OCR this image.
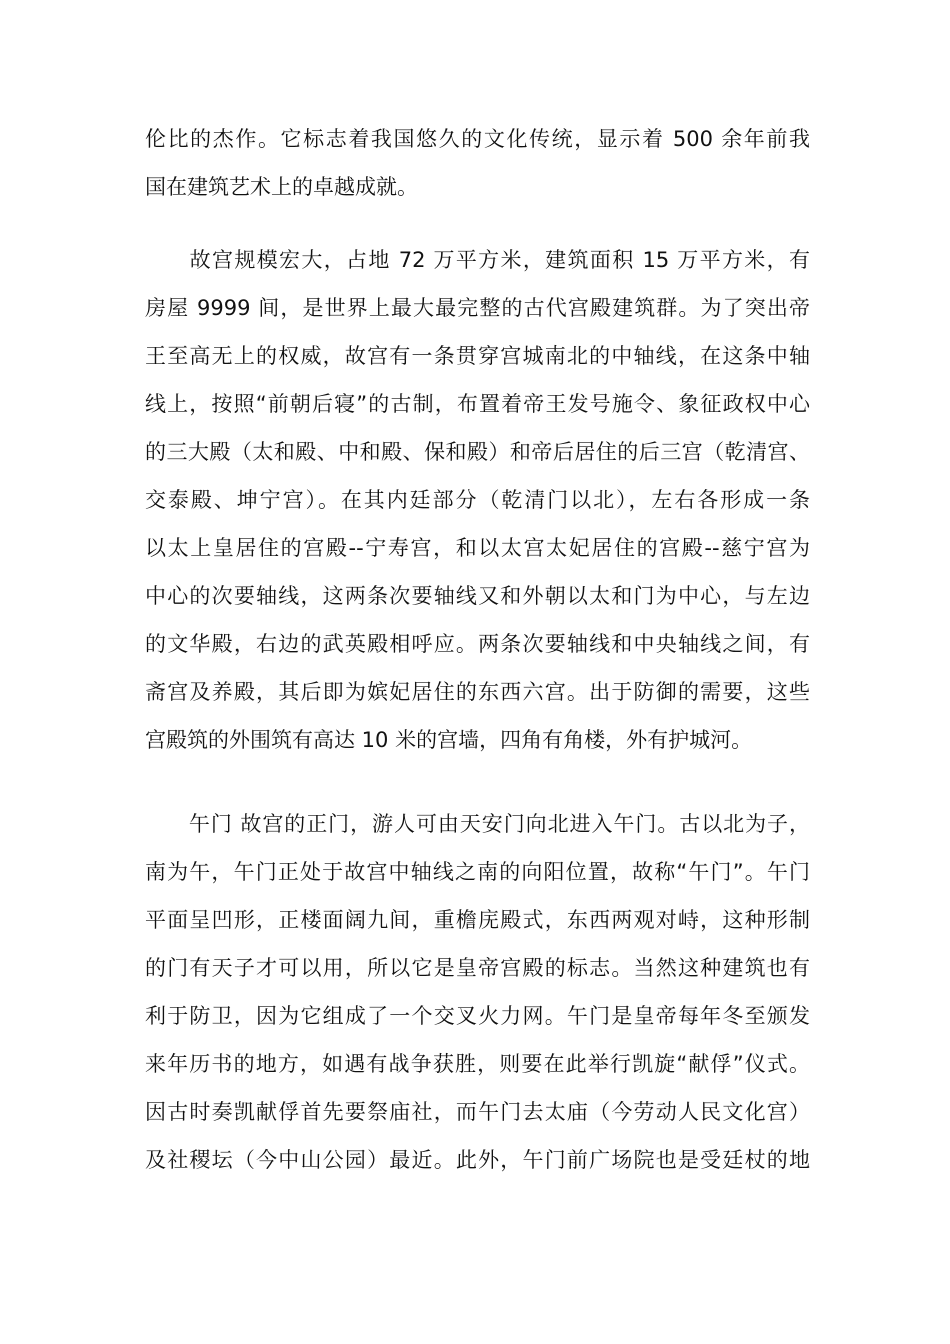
伦比的杰作。它标志着我国悠久的文化传统，显示着 500 余年前我
国在建筑艺术上的卓越成就。
　　故宫规模宏大，占地 72 万平方米，建筑面积 15 万平方米，有
房屋 9999 间，是世界上最大最完整的古代宫殿建筑群。为了突出帝
王至高无上的权威，故宫有一条贯穿宫城南北的中轴线，在这条中轴
线上，按照“前朝后寝”的古制，布置着帝王发号施令、象征政权中心
的三大殿（太和殿、中和殿、保和殿）和帝后居住的后三宫（乾清宫、
交泰殿、坤宁宫）。在其内廷部分（乾清门以北），左右各形成一条
以太上皇居住的宫殿--宁寿宫，和以太宫太妃居住的宫殿--慈宁宫为
中心的次要轴线，这两条次要轴线又和外朝以太和门为中心，与左边
的文华殿，右边的武英殿相呼应。两条次要轴线和中央轴线之间，有
斋宫及养殿，其后即为嫔妃居住的东西六宫。出于防御的需要，这些
宫殿筑的外围筑有高达 10 米的宫墙，四角有角楼，外有护城河。
　　午门 故宫的正门，游人可由天安门向北进入午门。古以北为子，
南为午，午门正处于故宫中轴线之南的向阳位置，故称“午门”。午门
平面呈凹形，正楼面阔九间，重檐庑殿式，东西两观对峙，这种形制
的门有天子才可以用，所以它是皇帝宫殿的标志。当然这种建筑也有
利于防卫，因为它组成了一个交叉火力网。午门是皇帝每年冬至颁发
来年历书的地方，如遇有战争获胜，则要在此举行凯旋“献俘”仪式。
因古时奏凯献俘首先要祭庙社，而午门去太庙（今劳动人民文化宫）
及社稷坛（今中山公园）最近。此外，午门前广场院也是受廷杖的地
